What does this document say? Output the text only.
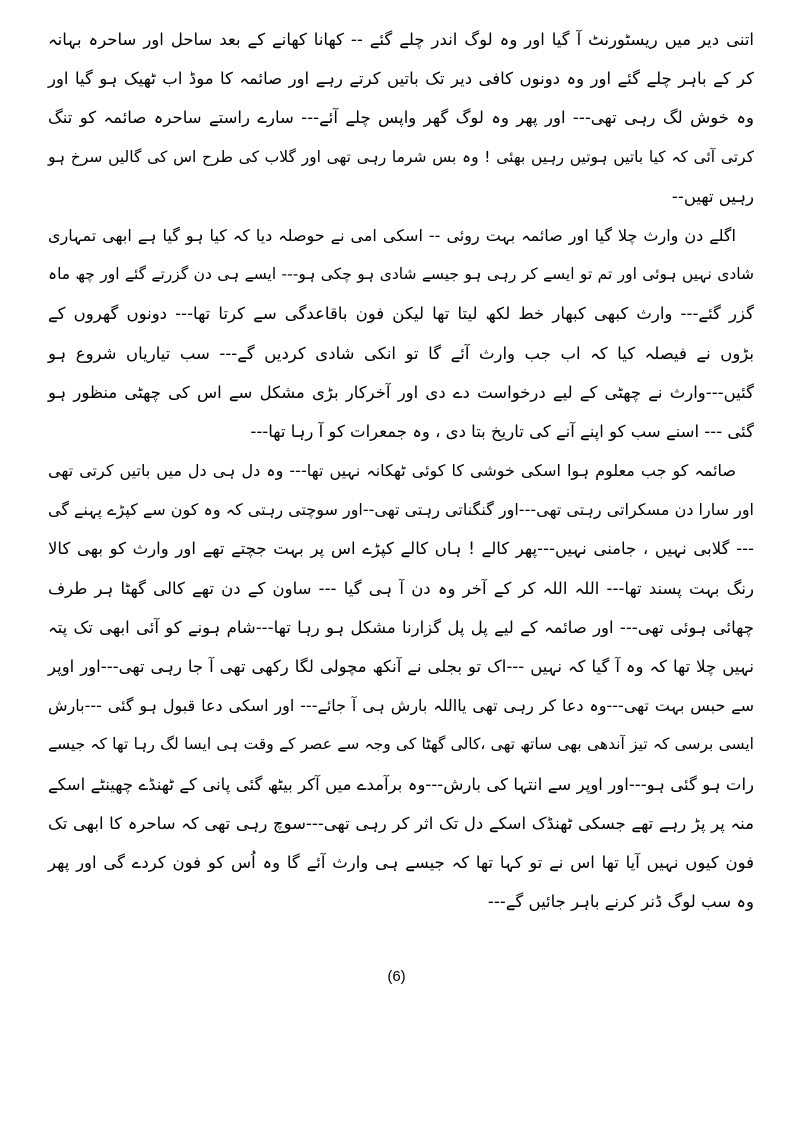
اتنی دیر میں ریسٹورنٹ آ گیا اور وہ لوگ اندر چلے گئے -- کھانا کھانے کے بعد ساحل اور ساحرہ بہانہ
کر کے باہر چلے گئے اور وہ دونوں کافی دیر تک باتیں کرتے رہے اور صائمہ کا موڈ اب ٹھیک ہو گیا اور
وہ خوش لگ رہی تھی--- اور پھر وہ لوگ گھر واپس چلے آئے--- سارے راستے ساحرہ صائمہ کو تنگ
کرتی آئی کہ کیا باتیں ہوتیں رہیں بھئی ! وہ بس شرما رہی تھی اور گلاب کی طرح اس کی گالیں سرخ ہو
رہیں تھیں--
اگلے دن وارث چلا گیا اور صائمہ بہت روئی -- اسکی امی نے حوصلہ دیا کہ کیا ہو گیا ہے ابھی تمہاری
شادی نہیں ہوئی اور تم تو ایسے کر رہی ہو جیسے شادی ہو چکی ہو--- ایسے ہی دن گزرتے گئے اور چھ ماہ
گزر گئے--- وارث کبھی کبھار خط لکھ لیتا تھا لیکن فون باقاعدگی سے کرتا تھا--- دونوں گھروں کے
بڑوں نے فیصلہ کیا کہ اب جب وارث آئے گا تو انکی شادی کردیں گے--- سب تیاریاں شروع ہو
گئیں---وارث نے چھٹی کے لیے درخواست دے دی اور آخرکار بڑی مشکل سے اس کی چھٹی منظور ہو
گئی --- اسنے سب کو اپنے آنے کی تاریخ بتا دی ، وہ جمعرات کو آ رہا تھا---
صائمہ کو جب معلوم ہوا اسکی خوشی کا کوئی ٹھکانہ نہیں تھا--- وہ دل ہی دل میں باتیں کرتی تھی
اور سارا دن مسکراتی رہتی تھی---اور گنگناتی رہتی تھی--اور سوچتی رہتی کہ وہ کون سے کپڑے پہنے گی
--- گلابی نہیں ، جامنی نہیں---پھر کالے ! ہاں کالے کپڑے اس پر بہت جچتے تھے اور وارث کو بھی کالا
رنگ بہت پسند تھا--- اللہ اللہ کر کے آخر وہ دن آ ہی گیا --- ساون کے دن تھے کالی گھٹا ہر طرف
چھائی ہوئی تھی--- اور صائمہ کے لیے پل پل گزارنا مشکل ہو رہا تھا---شام ہونے کو آئی ابھی تک پتہ
نہیں چلا تھا کہ وہ آ گیا کہ نہیں ---اک تو بجلی نے آنکھ مچولی لگا رکھی تھی آ جا رہی تھی---اور اوپر
سے حبس بہت تھی---وہ دعا کر رہی تھی یااللہ بارش ہی آ جائے--- اور اسکی دعا قبول ہو گئی ---بارش
ایسی برسی کہ تیز آندھی بھی ساتھ تھی ،کالی گھٹا کی وجہ سے عصر کے وقت ہی ایسا لگ رہا تھا کہ جیسے
رات ہو گئی ہو---اور اوپر سے انتہا کی بارش---وہ برآمدے میں آکر بیٹھ گئی پانی کے ٹھنڈے چھینٹے اسکے
منہ پر پڑ رہے تھے جسکی ٹھنڈک اسکے دل تک اثر کر رہی تھی---سوچ رہی تھی کہ ساحرہ کا ابھی تک
فون کیوں نہیں آیا تھا اس نے تو کہا تھا کہ جیسے ہی وارث آئے گا وہ اُس کو فون کردے گی اور پھر
وہ سب لوگ ڈنر کرنے باہر جائیں گے---
(6)
